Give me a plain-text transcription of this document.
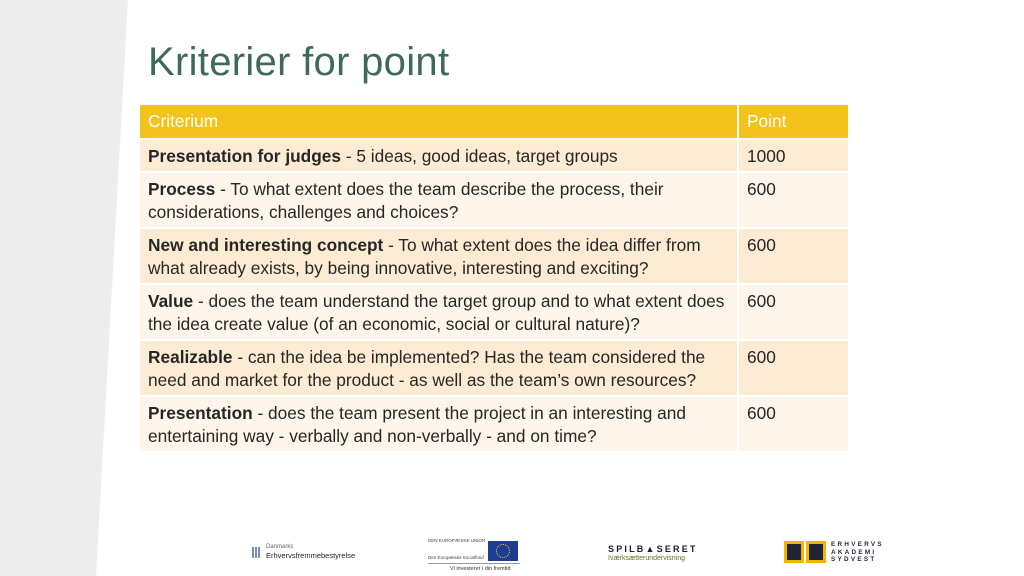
Kriterier for point
Criterium	Point
Presentation for judges - 5 ideas, good ideas, target groups	1000
Process - To what extent does the team describe the process, their considerations, challenges and choices?	600
New and interesting concept - To what extent does the idea differ from what already exists, by being innovative, interesting and exciting?	600
Value - does the team understand the target group and to what extent does the idea create value (of an economic, social or cultural nature)?	600
Realizable - can the idea be implemented? Has the team considered the need and market for the product - as well as the team’s own resources?	600
Presentation - does the team present the project in an interesting and entertaining way - verbally and non-verbally - and on time?	600
Danmarks
Erhvervsfremmebestyrelse
DEN EUROPÆISKE UNION
Den Europæiske Socialfond
Vi investerer i din fremtid
SPILB▲SERET
Iværksætterundervisning
ERHVERVS
AKADEMI
SYDVEST
